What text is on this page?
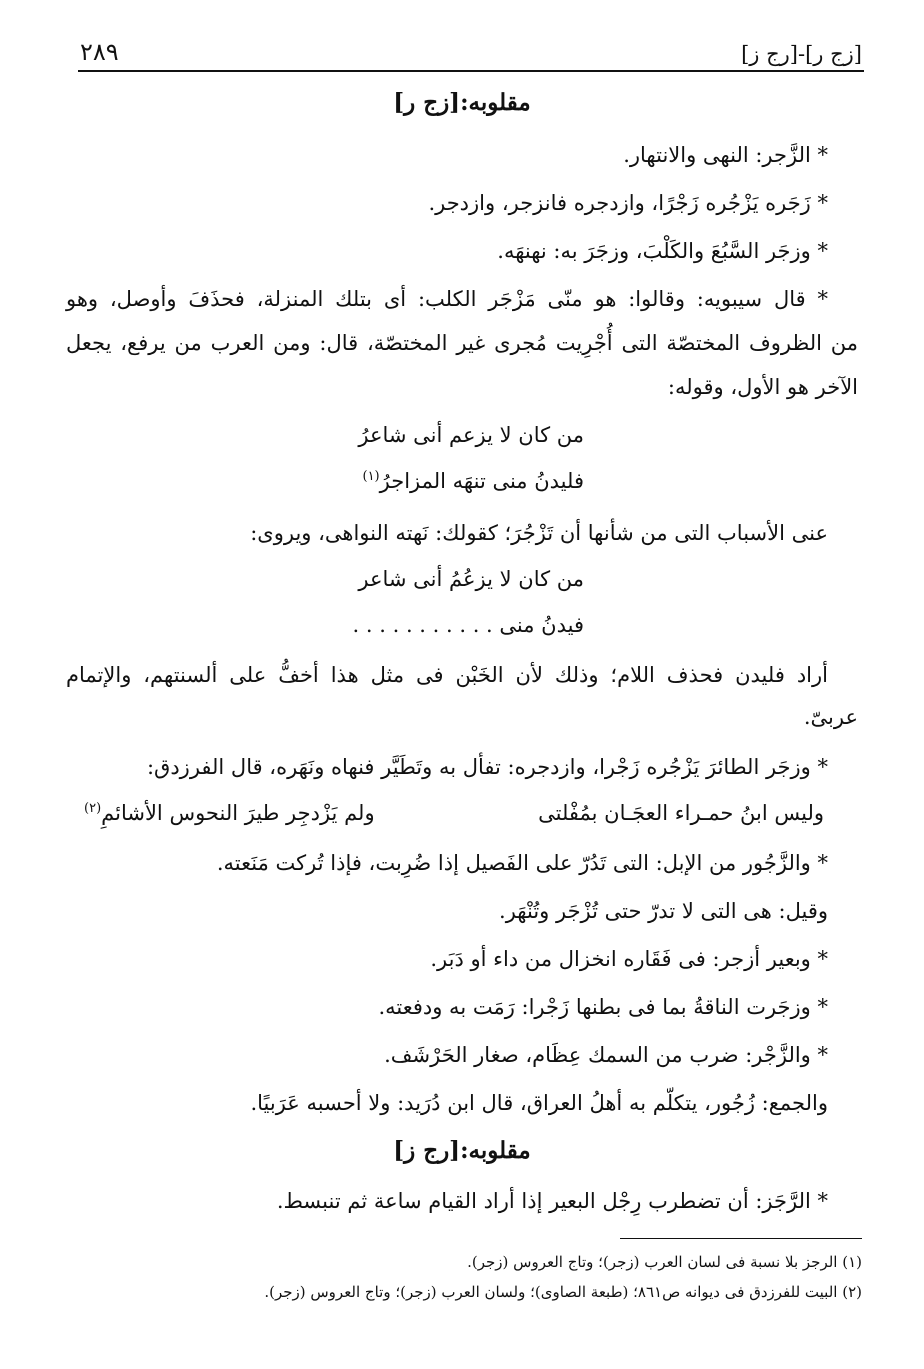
[زج ر]-[رج ز]
٢٨٩
مقلوبه:[زج ر]
* الزَّجر: النهى والانتهار.
* زَجَره يَزْجُره زَجْرًا، وازدجره فانزجر، وازدجر.
* وزجَر السَّبُعَ والكَلْبَ، وزجَرَ به: نهنهَه.
* قال سيبويه: وقالوا: هو منّى مَزْجَر الكلب: أى بتلك المنزلة، فحذَفَ وأوصل، وهو
من الظروف المختصّة التى أُجْرِيت مُجرى غير المختصّة، قال: ومن العرب من يرفع، يجعل
الآخر هو الأول، وقوله:
من كان لا يزعم أنى شاعرُ
فليدنُ منى تنهَه المزاجرُ$^{(١)}$
عنى الأسباب التى من شأنها أن تَزْجُرَ؛ كقولك: نَهته النواهى، ويروى:
من كان لا يزعُمُ أنى شاعر
فيدنُ منى . . . . . . . . . . .
أراد فليدن فحذف اللام؛ وذلك لأن الخَبْن فى مثل هذا أخفُّ على ألسنتهم، والإتمام
عربىّ.
* وزجَر الطائرَ يَزْجُره زَجْرا، وازدجره: تفأل به وتَطَيَّر فنهاه ونَهَره، قال الفرزدق:
وليس ابنُ حمـراء العجَـان بمُفْلتى
ولم يَزْدجِر طيرَ النحوس الأشائمِ$^{(٢)}$
* والزَّجُور من الإبل: التى تَدُرّ على الفَصيل إذا ضُرِبت، فإذا تُركت مَنَعته.
وقيل: هى التى لا تدرّ حتى تُزْجَر وتُنْهَر.
* وبعير أزجر: فى فَقَاره انخزال من داء أو دَبَر.
* وزجَرت الناقةُ بما فى بطنها زَجْرا: رَمَت به ودفعته.
* والزَّجْر: ضرب من السمك عِظَام، صغار الحَرْشَف.
والجمع: زُجُور، يتكلّم به أهلُ العراق، قال ابن دُرَيد: ولا أحسبه عَرَبيًا.
مقلوبه:[رج ز]
* الرَّجَز: أن تضطرب رِجْل البعير إذا أراد القيام ساعة ثم تنبسط.
(١) الرجز بلا نسبة فى لسان العرب (زجر)؛ وتاج العروس (زجر).
(٢) البيت للفرزدق فى ديوانه ص٨٦١؛ (طبعة الصاوى)؛ ولسان العرب (زجر)؛ وتاج العروس (زجر).
